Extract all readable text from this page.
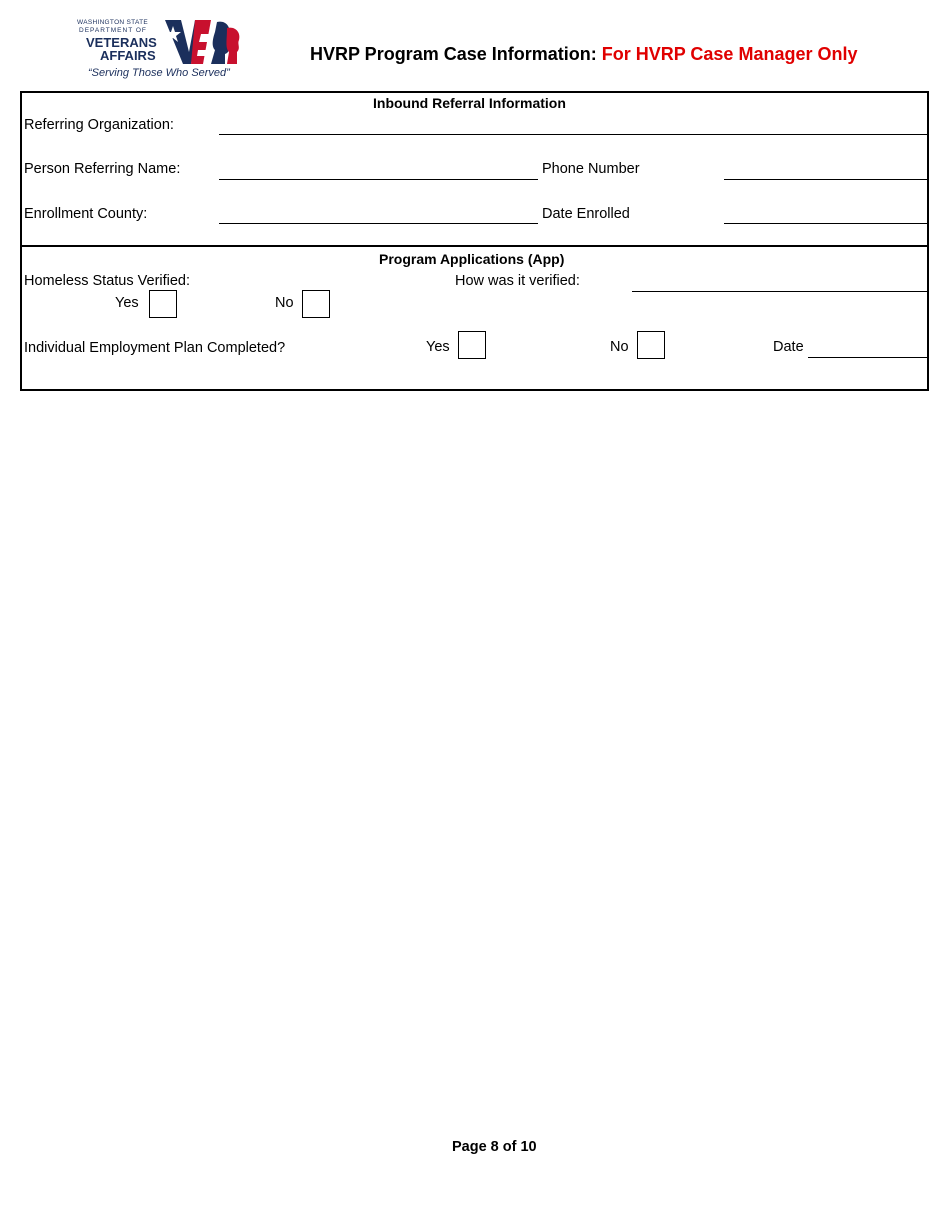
WASHINGTON STATE
DEPARTMENT OF
VETERANS
AFFAIRS
“Serving Those Who Served”
HVRP Program Case Information: For HVRP Case Manager Only
Inbound Referral Information
Referring Organization:
Person Referring Name:	Phone Number
Enrollment County:	Date Enrolled
Program Applications (App)
Homeless Status Verified:	How was it verified:
Yes	No
Individual Employment Plan Completed?	Yes	No	Date
Page 8 of 10
